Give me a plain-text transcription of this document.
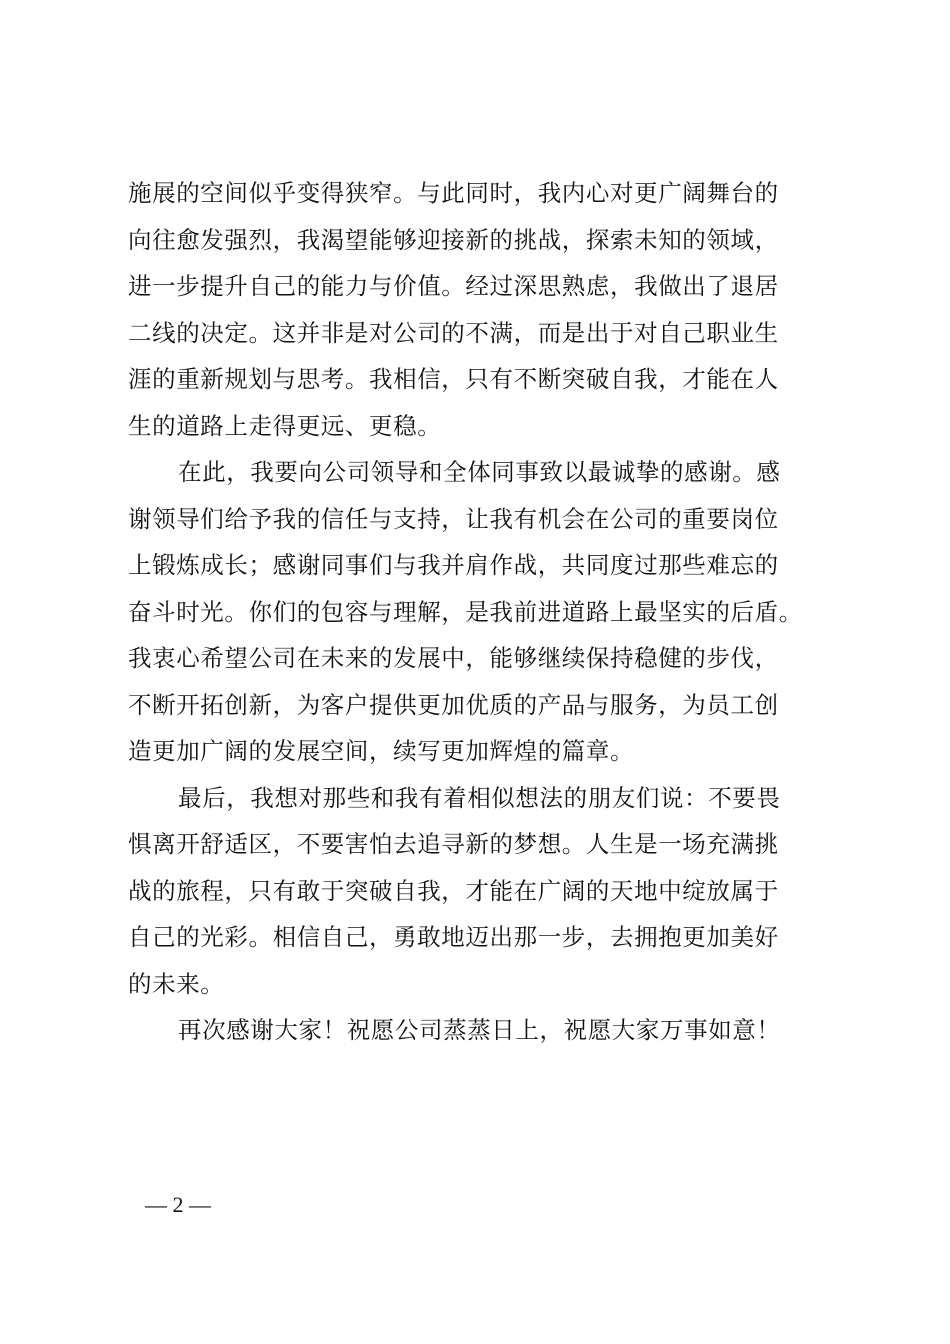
施展的空间似乎变得狭窄。与此同时，我内心对更广阔舞台的
向往愈发强烈，我渴望能够迎接新的挑战，探索未知的领域，
进一步提升自己的能力与价值。经过深思熟虑，我做出了退居
二线的决定。这并非是对公司的不满，而是出于对自己职业生
涯的重新规划与思考。我相信，只有不断突破自我，才能在人
生的道路上走得更远、更稳。
在此，我要向公司领导和全体同事致以最诚挚的感谢。感
谢领导们给予我的信任与支持，让我有机会在公司的重要岗位
上锻炼成长；感谢同事们与我并肩作战，共同度过那些难忘的
奋斗时光。你们的包容与理解，是我前进道路上最坚实的后盾。
我衷心希望公司在未来的发展中，能够继续保持稳健的步伐，
不断开拓创新，为客户提供更加优质的产品与服务，为员工创
造更加广阔的发展空间，续写更加辉煌的篇章。
最后，我想对那些和我有着相似想法的朋友们说：不要畏
惧离开舒适区，不要害怕去追寻新的梦想。人生是一场充满挑
战的旅程，只有敢于突破自我，才能在广阔的天地中绽放属于
自己的光彩。相信自己，勇敢地迈出那一步，去拥抱更加美好
的未来。
再次感谢大家！祝愿公司蒸蒸日上，祝愿大家万事如意！
— 2 —
